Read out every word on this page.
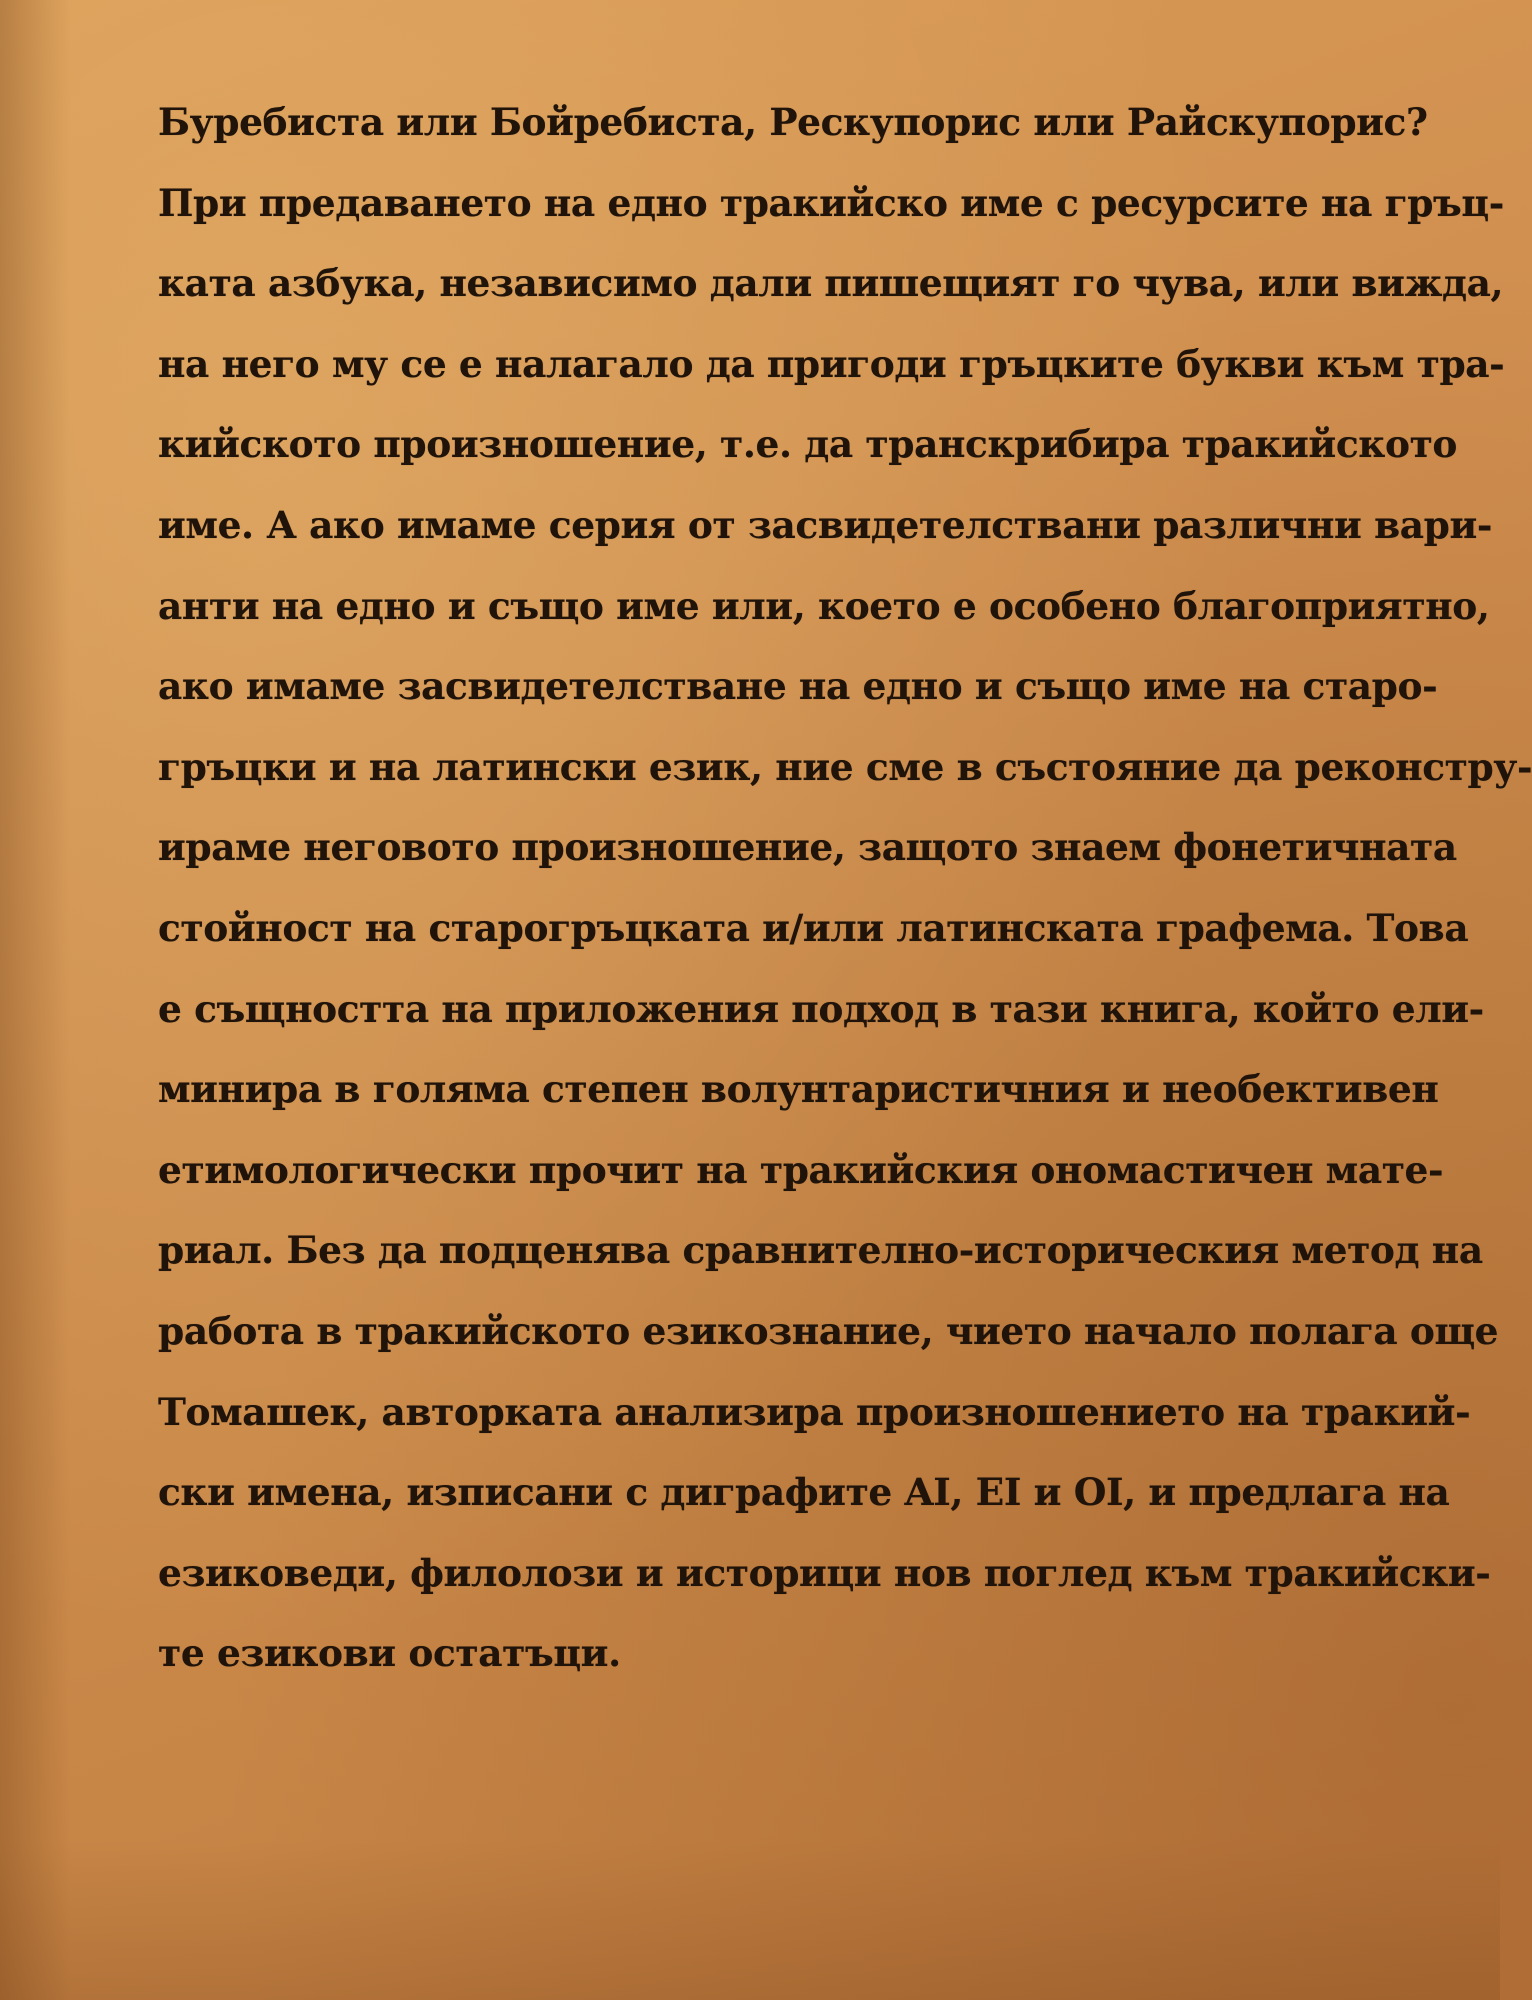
Буребиста или Бойребиста, Рескупорис или Райскупорис?
При предаването на едно тракийско име с ресурсите на гръц-
ката азбука, независимо дали пишещият го чува, или вижда,
на него му се е налагало да пригоди гръцките букви към тра-
кийското произношение, т.е. да транскрибира тракийското
име. А ако имаме серия от засвидетелствани различни вари-
анти на едно и също име или, което е особено благоприятно,
ако имаме засвидетелстване на едно и също име на старо-
гръцки и на латински език, ние сме в състояние да реконстру-
ираме неговото произношение, защото знаем фонетичната
стойност на старогръцката и/или латинската графема. Това
е същността на приложения подход в тази книга, който ели-
минира в голяма степен волунтаристичния и необективен
етимологически прочит на тракийския ономастичен мате-
риал. Без да подценява сравнително-историческия метод на
работа в тракийското езикознание, чието начало полага още
Томашек, авторката анализира произношението на тракий-
ски имена, изписани с диграфите AI, EI и OI, и предлага на
езиковеди, филолози и историци нов поглед към тракийски-
те езикови остатъци.
